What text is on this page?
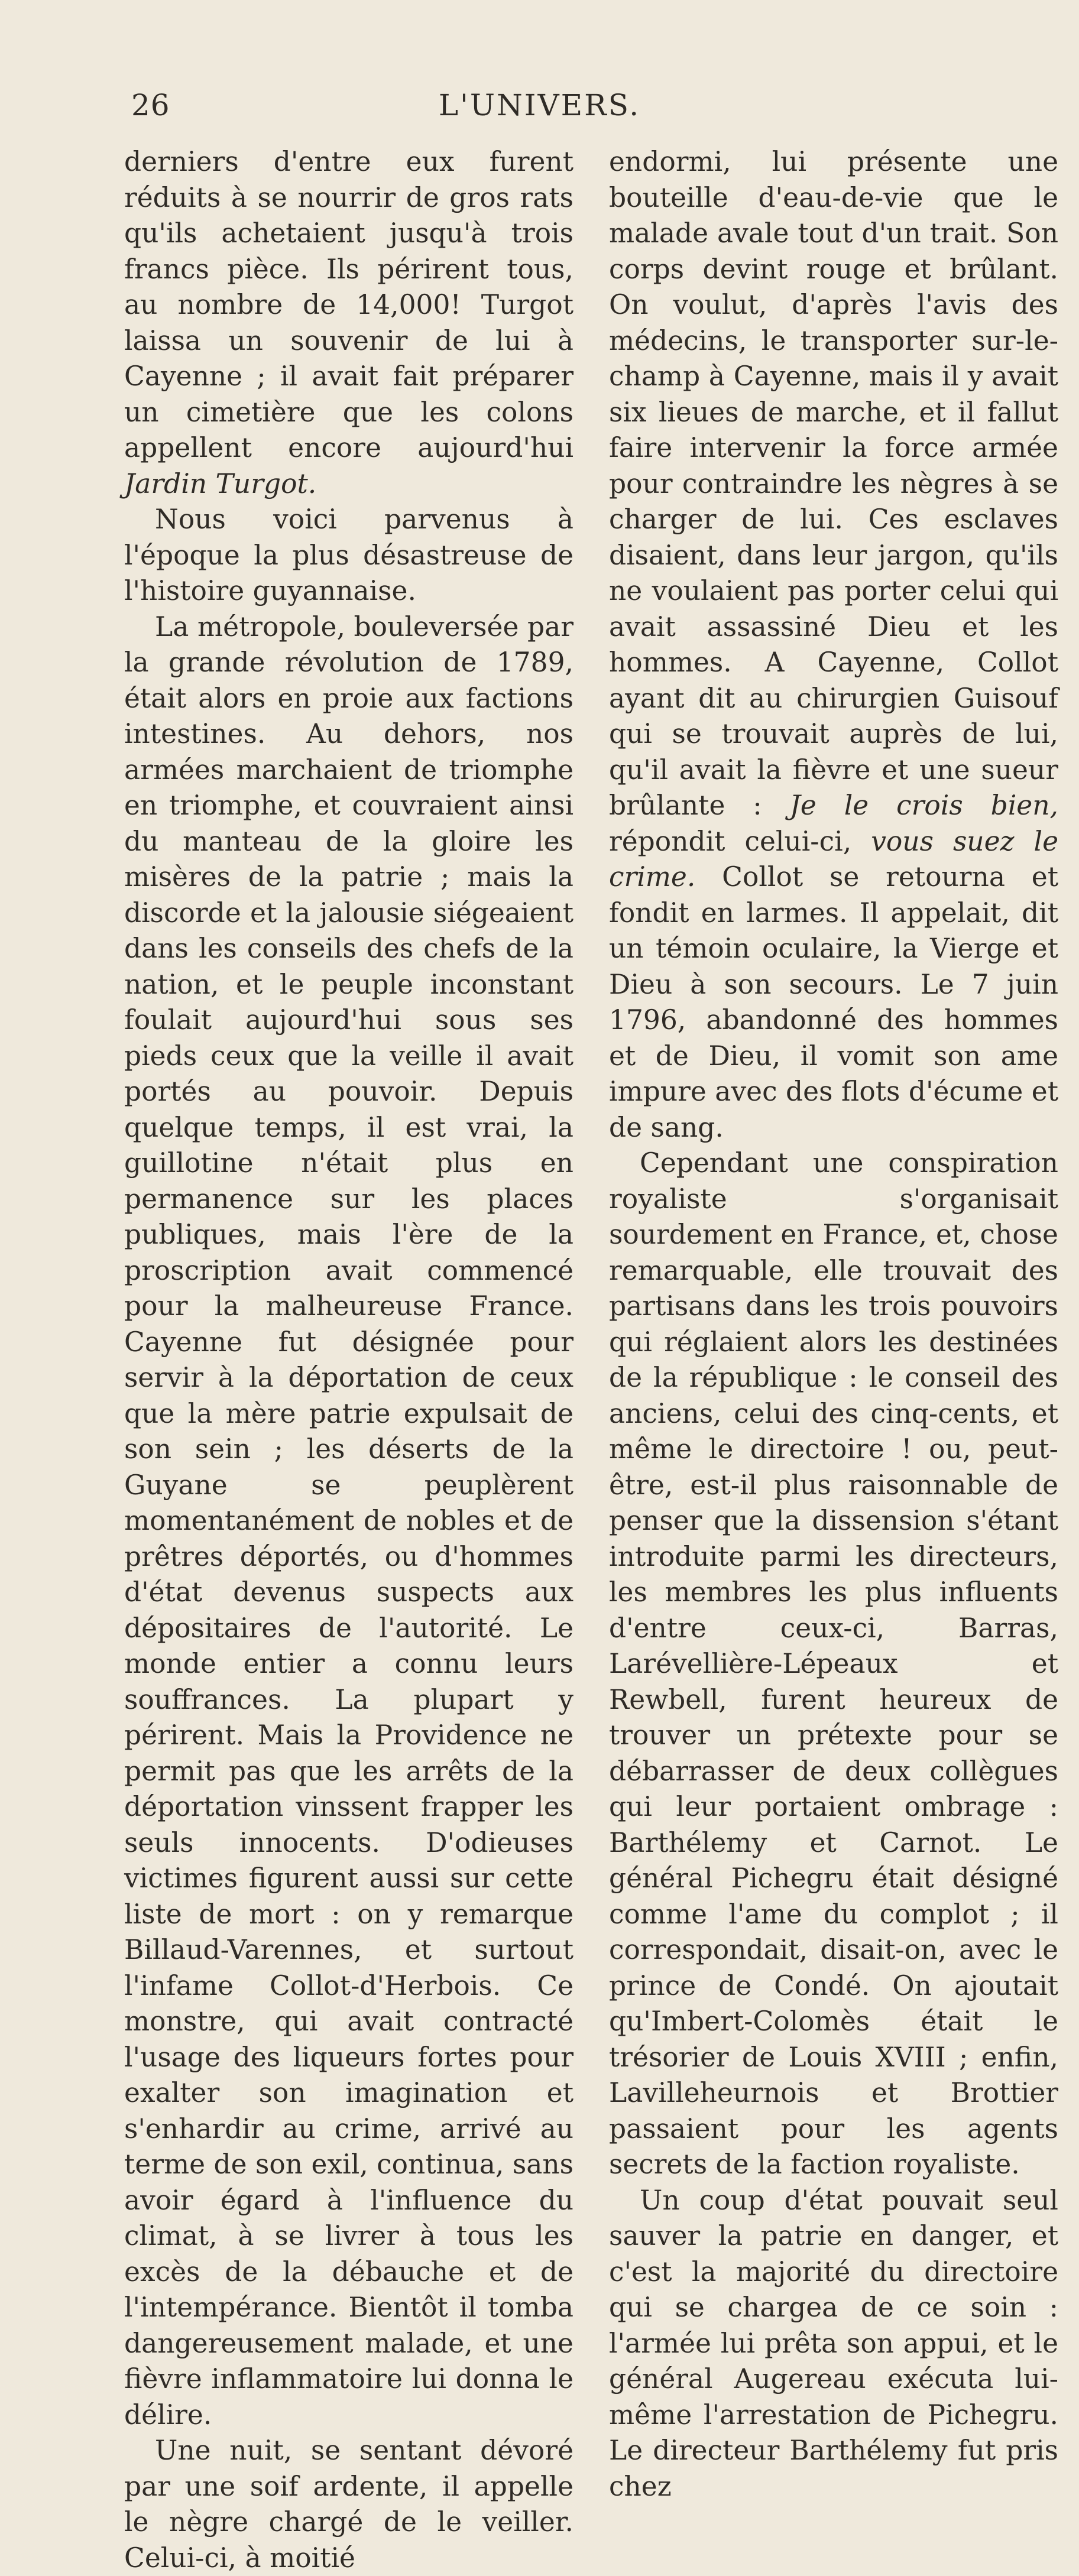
26	L'UNIVERS.

derniers d'entre eux furent réduits à se nourrir de gros rats qu'ils achetaient jusqu'à trois francs pièce. Ils périrent tous, au nombre de 14,000! Turgot laissa un souvenir de lui à Cayenne ; il avait fait préparer un cimetière que les colons appellent encore aujourd'hui Jardin Turgot.

Nous voici parvenus à l'époque la plus désastreuse de l'histoire guyannaise.

La métropole, bouleversée par la grande révolution de 1789, était alors en proie aux factions intestines. Au dehors, nos armées marchaient de triomphe en triomphe, et couvraient ainsi du manteau de la gloire les misères de la patrie ; mais la discorde et la jalousie siégeaient dans les conseils des chefs de la nation, et le peuple inconstant foulait aujourd'hui sous ses pieds ceux que la veille il avait portés au pouvoir. Depuis quelque temps, il est vrai, la guillotine n'était plus en permanence sur les places publiques, mais l'ère de la proscription avait commencé pour la malheureuse France. Cayenne fut désignée pour servir à la déportation de ceux que la mère patrie expulsait de son sein ; les déserts de la Guyane se peuplèrent momentanément de nobles et de prêtres déportés, ou d'hommes d'état devenus suspects aux dépositaires de l'autorité. Le monde entier a connu leurs souffrances. La plupart y périrent. Mais la Providence ne permit pas que les arrêts de la déportation vinssent frapper les seuls innocents. D'odieuses victimes figurent aussi sur cette liste de mort : on y remarque Billaud-Varennes, et surtout l'infame Collot-d'Herbois. Ce monstre, qui avait contracté l'usage des liqueurs fortes pour exalter son imagination et s'enhardir au crime, arrivé au terme de son exil, continua, sans avoir égard à l'influence du climat, à se livrer à tous les excès de la débauche et de l'intempérance. Bientôt il tomba dangereusement malade, et une fièvre inflammatoire lui donna le délire.

Une nuit, se sentant dévoré par une soif ardente, il appelle le nègre chargé de le veiller. Celui-ci, à moitié

endormi, lui présente une bouteille d'eau-de-vie que le malade avale tout d'un trait. Son corps devint rouge et brûlant. On voulut, d'après l'avis des médecins, le transporter sur-le-champ à Cayenne, mais il y avait six lieues de marche, et il fallut faire intervenir la force armée pour contraindre les nègres à se charger de lui. Ces esclaves disaient, dans leur jargon, qu'ils ne voulaient pas porter celui qui avait assassiné Dieu et les hommes. A Cayenne, Collot ayant dit au chirurgien Guisouf qui se trouvait auprès de lui, qu'il avait la fièvre et une sueur brûlante : Je le crois bien, répondit celui-ci, vous suez le crime. Collot se retourna et fondit en larmes. Il appelait, dit un témoin oculaire, la Vierge et Dieu à son secours. Le 7 juin 1796, abandonné des hommes et de Dieu, il vomit son ame impure avec des flots d'écume et de sang.

Cependant une conspiration royaliste s'organisait sourdement en France, et, chose remarquable, elle trouvait des partisans dans les trois pouvoirs qui réglaient alors les destinées de la république : le conseil des anciens, celui des cinq-cents, et même le directoire ! ou, peut-être, est-il plus raisonnable de penser que la dissension s'étant introduite parmi les directeurs, les membres les plus influents d'entre ceux-ci, Barras, Larévellière-Lépeaux et Rewbell, furent heureux de trouver un prétexte pour se débarrasser de deux collègues qui leur portaient ombrage : Barthélemy et Carnot. Le général Pichegru était désigné comme l'ame du complot ; il correspondait, disait-on, avec le prince de Condé. On ajoutait qu'Imbert-Colomès était le trésorier de Louis XVIII ; enfin, Lavilleheurnois et Brottier passaient pour les agents secrets de la faction royaliste.

Un coup d'état pouvait seul sauver la patrie en danger, et c'est la majorité du directoire qui se chargea de ce soin : l'armée lui prêta son appui, et le général Augereau exécuta lui-même l'arrestation de Pichegru. Le directeur Barthélemy fut pris chez
